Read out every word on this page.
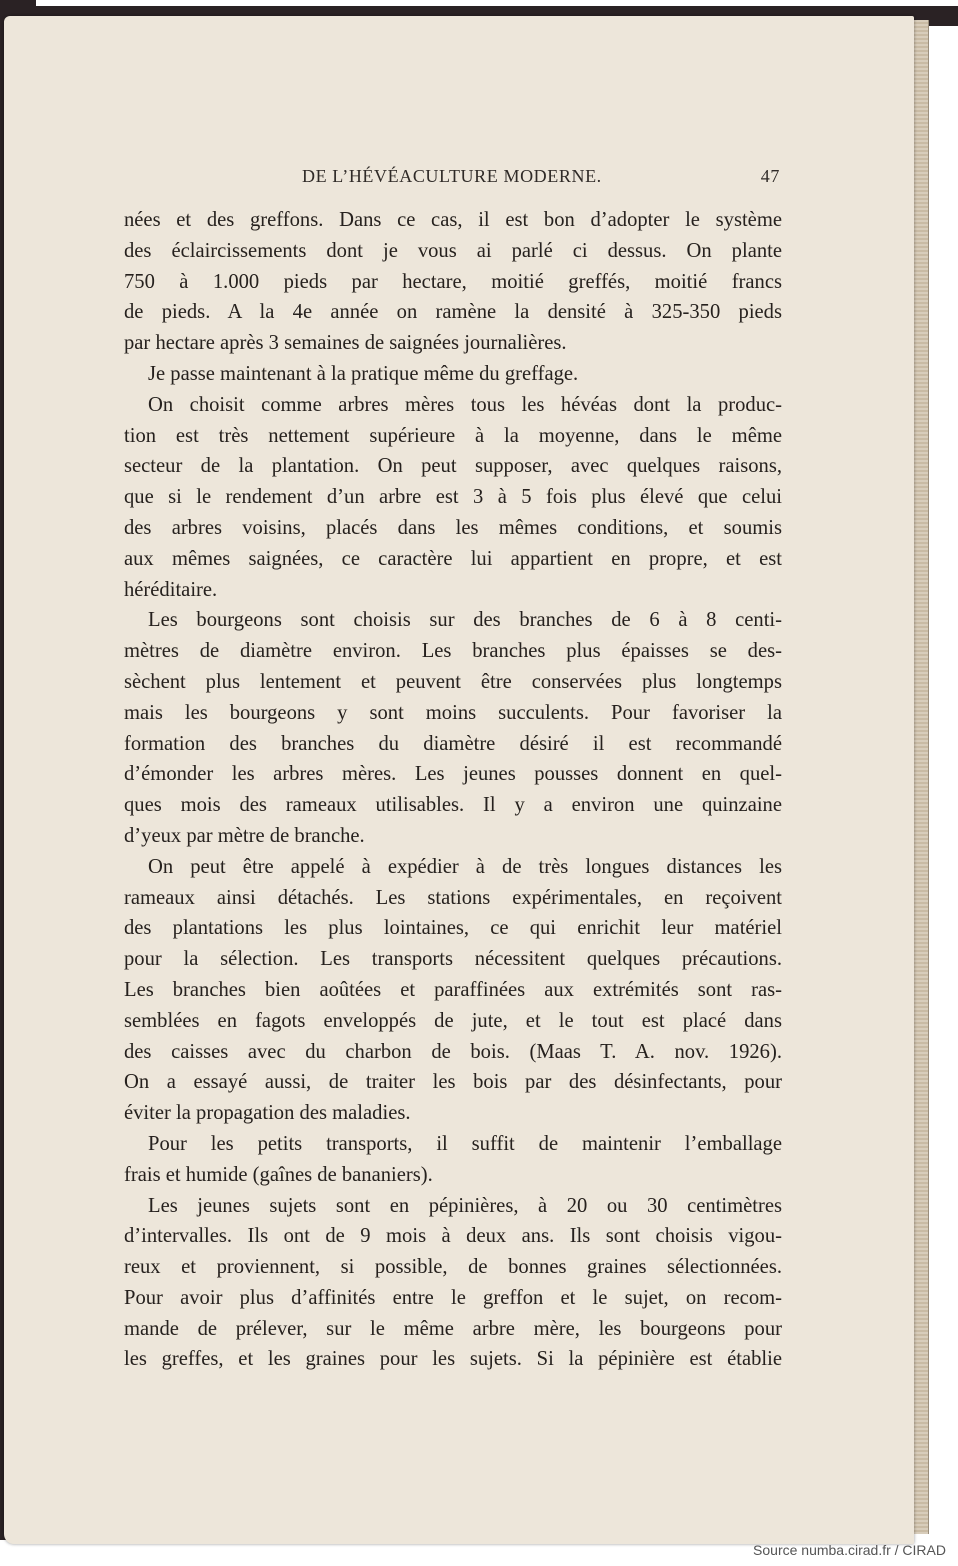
DE L’HÉVÉACULTURE MODERNE.	47

nées et des greffons. Dans ce cas, il est bon d’adopter le système

des éclaircissements dont je vous ai parlé ci dessus. On plante

750 à 1.000 pieds par hectare, moitié greffés, moitié francs

de pieds. A la 4e année on ramène la densité à 325-350 pieds

par hectare après 3 semaines de saignées journalières.

Je passe maintenant à la pratique même du greffage.

On choisit comme arbres mères tous les hévéas dont la produc-

tion est très nettement supérieure à la moyenne, dans le même

secteur de la plantation. On peut supposer, avec quelques raisons,

que si le rendement d’un arbre est 3 à 5 fois plus élevé que celui

des arbres voisins, placés dans les mêmes conditions, et soumis

aux mêmes saignées, ce caractère lui appartient en propre, et est

héréditaire.

Les bourgeons sont choisis sur des branches de 6 à 8 centi-

mètres de diamètre environ. Les branches plus épaisses se des-

sèchent plus lentement et peuvent être conservées plus longtemps

mais les bourgeons y sont moins succulents. Pour favoriser la

formation des branches du diamètre désiré il est recommandé

d’émonder les arbres mères. Les jeunes pousses donnent en quel-

ques mois des rameaux utilisables. Il y a environ une quinzaine

d’yeux par mètre de branche.

On peut être appelé à expédier à de très longues distances les

rameaux ainsi détachés. Les stations expérimentales, en reçoivent

des plantations les plus lointaines, ce qui enrichit leur matériel

pour la sélection. Les transports nécessitent quelques précautions.

Les branches bien aoûtées et paraffinées aux extrémités sont ras-

semblées en fagots enveloppés de jute, et le tout est placé dans

des caisses avec du charbon de bois. (Maas T. A. nov. 1926).

On a essayé aussi, de traiter les bois par des désinfectants, pour

éviter la propagation des maladies.

Pour les petits transports, il suffit de maintenir l’emballage

frais et humide (gaînes de bananiers).

Les jeunes sujets sont en pépinières, à 20 ou 30 centimètres

d’intervalles. Ils ont de 9 mois à deux ans. Ils sont choisis vigou-

reux et proviennent, si possible, de bonnes graines sélectionnées.

Pour avoir plus d’affinités entre le greffon et le sujet, on recom-

mande de prélever, sur le même arbre mère, les bourgeons pour

les greffes, et les graines pour les sujets. Si la pépinière est établie

Source numba.cirad.fr / CIRAD
